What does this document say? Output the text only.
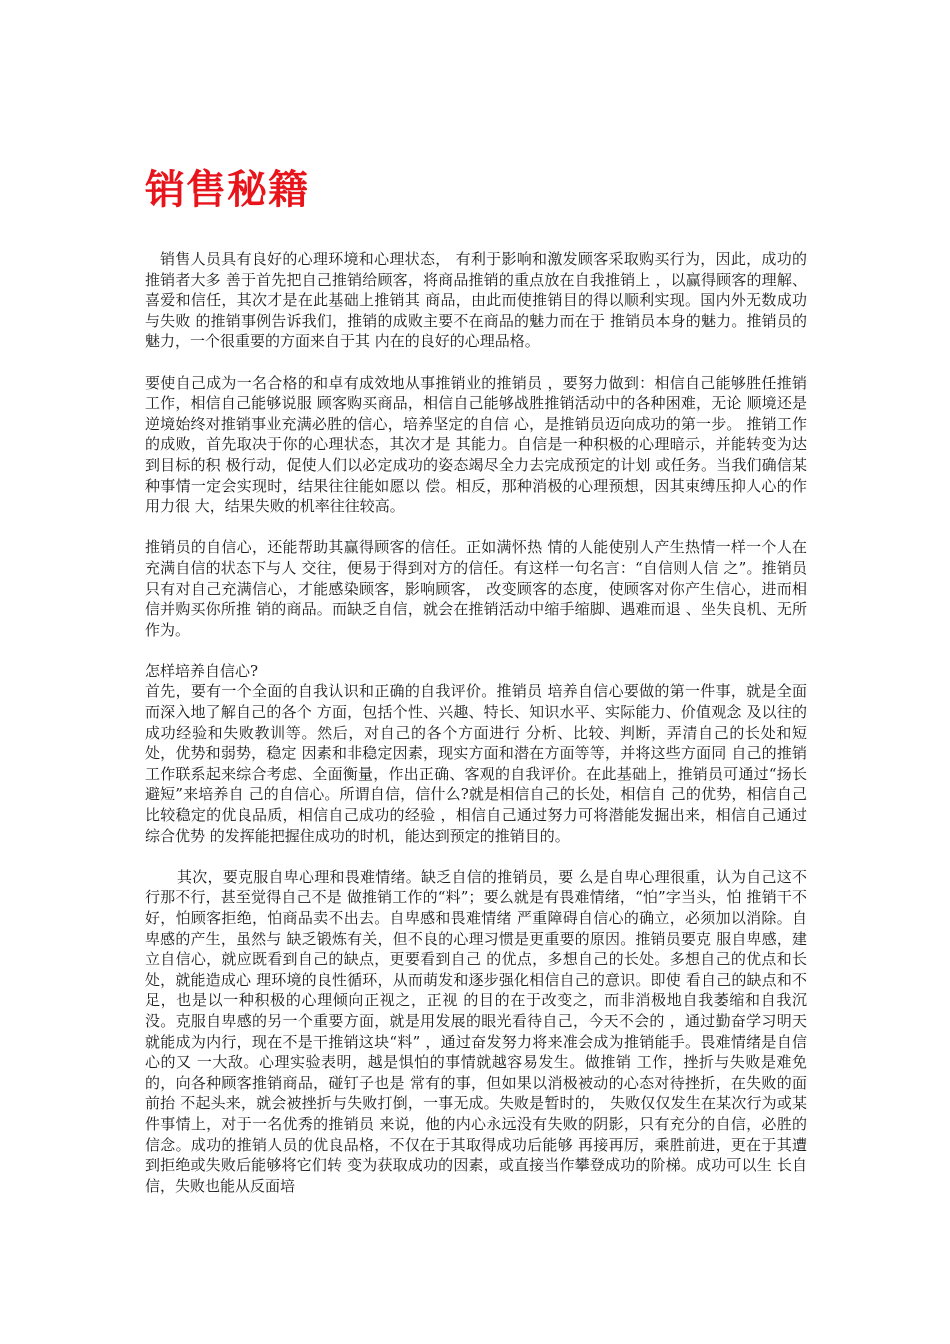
销售秘籍

销售人员具有良好的心理环境和心理状态， 有利于影响和激发顾客采取购买行为，因此，成功的推销者大多 善于首先把自己推销给顾客，将商品推销的重点放在自我推销上 ，以赢得顾客的理解、喜爱和信任，其次才是在此基础上推销其 商品，由此而使推销目的得以顺利实现。国内外无数成功与失败 的推销事例告诉我们，推销的成败主要不在商品的魅力而在于 推销员本身的魅力。推销员的魅力，一个很重要的方面来自于其 内在的良好的心理品格。

要使自己成为一名合格的和卓有成效地从事推销业的推销员 ，要努力做到：相信自己能够胜任推销工作，相信自己能够说服 顾客购买商品，相信自己能够战胜推销活动中的各种困难，无论 顺境还是逆境始终对推销事业充满必胜的信心，培养坚定的自信 心，是推销员迈向成功的第一步。 推销工作的成败，首先取决于你的心理状态，其次才是 其能力。自信是一种积极的心理暗示，并能转变为达到目标的积 极行动，促使人们以必定成功的姿态竭尽全力去完成预定的计划 或任务。当我们确信某种事情一定会实现时，结果往往能如愿以 偿。相反，那种消极的心理预想，因其束缚压抑人心的作用力很 大，结果失败的机率往往较高。

推销员的自信心，还能帮助其赢得顾客的信任。正如满怀热 情的人能使别人产生热情一样一个人在充满自信的状态下与人 交往，便易于得到对方的信任。有这样一句名言：“自信则人信 之”。推销员只有对自己充满信心，才能感染顾客，影响顾客， 改变顾客的态度，使顾客对你产生信心，进而相信并购买你所推 销的商品。而缺乏自信，就会在推销活动中缩手缩脚、遇难而退 、坐失良机、无所作为。

怎样培养自信心?

首先，要有一个全面的自我认识和正确的自我评价。推销员 培养自信心要做的第一件事，就是全面而深入地了解自己的各个 方面，包括个性、兴趣、特长、知识水平、实际能力、价值观念 及以往的成功经验和失败教训等。然后，对自己的各个方面进行 分析、比较、判断，弄清自己的长处和短处，优势和弱势，稳定 因素和非稳定因素，现实方面和潜在方面等等，并将这些方面同 自己的推销工作联系起来综合考虑、全面衡量，作出正确、客观的自我评价。在此基础上，推销员可通过“扬长避短”来培养自 己的自信心。所谓自信，信什么?就是相信自己的长处，相信自 己的优势，相信自己比较稳定的优良品质，相信自己成功的经验 ，相信自己通过努力可将潜能发掘出来，相信自己通过综合优势 的发挥能把握住成功的时机，能达到预定的推销目的。

其次，要克服自卑心理和畏难情绪。缺乏自信的推销员，要 么是自卑心理很重，认为自己这不行那不行，甚至觉得自己不是 做推销工作的“料”；要么就是有畏难情绪，“怕”字当头，怕 推销干不好，怕顾客拒绝，怕商品卖不出去。自卑感和畏难情绪 严重障碍自信心的确立，必须加以消除。自卑感的产生，虽然与 缺乏锻炼有关，但不良的心理习惯是更重要的原因。推销员要克 服自卑感，建立自信心，就应既看到自己的缺点，更要看到自己 的优点，多想自己的长处。多想自己的优点和长处，就能造成心 理环境的良性循环，从而萌发和逐步强化相信自己的意识。即使 看自己的缺点和不足，也是以一种积极的心理倾向正视之，正视 的目的在于改变之，而非消极地自我萎缩和自我沉没。克服自卑感的另一个重要方面，就是用发展的眼光看待自己，今天不会的 ，通过勤奋学习明天就能成为内行，现在不是干推销这块“料” ，通过奋发努力将来准会成为推销能手。畏难情绪是自信心的又 一大敌。心理实验表明，越是惧怕的事情就越容易发生。做推销 工作，挫折与失败是难免的，向各种顾客推销商品，碰钉子也是 常有的事，但如果以消极被动的心态对待挫折，在失败的面前抬 不起头来，就会被挫折与失败打倒，一事无成。失败是暂时的， 失败仅仅发生在某次行为或某件事情上，对于一名优秀的推销员 来说，他的内心永远没有失败的阴影，只有充分的自信，必胜的 信念。成功的推销人员的优良品格，不仅在于其取得成功后能够 再接再厉，乘胜前进，更在于其遭到拒绝或失败后能够将它们转 变为获取成功的因素，或直接当作攀登成功的阶梯。成功可以生 长自信，失败也能从反面培
